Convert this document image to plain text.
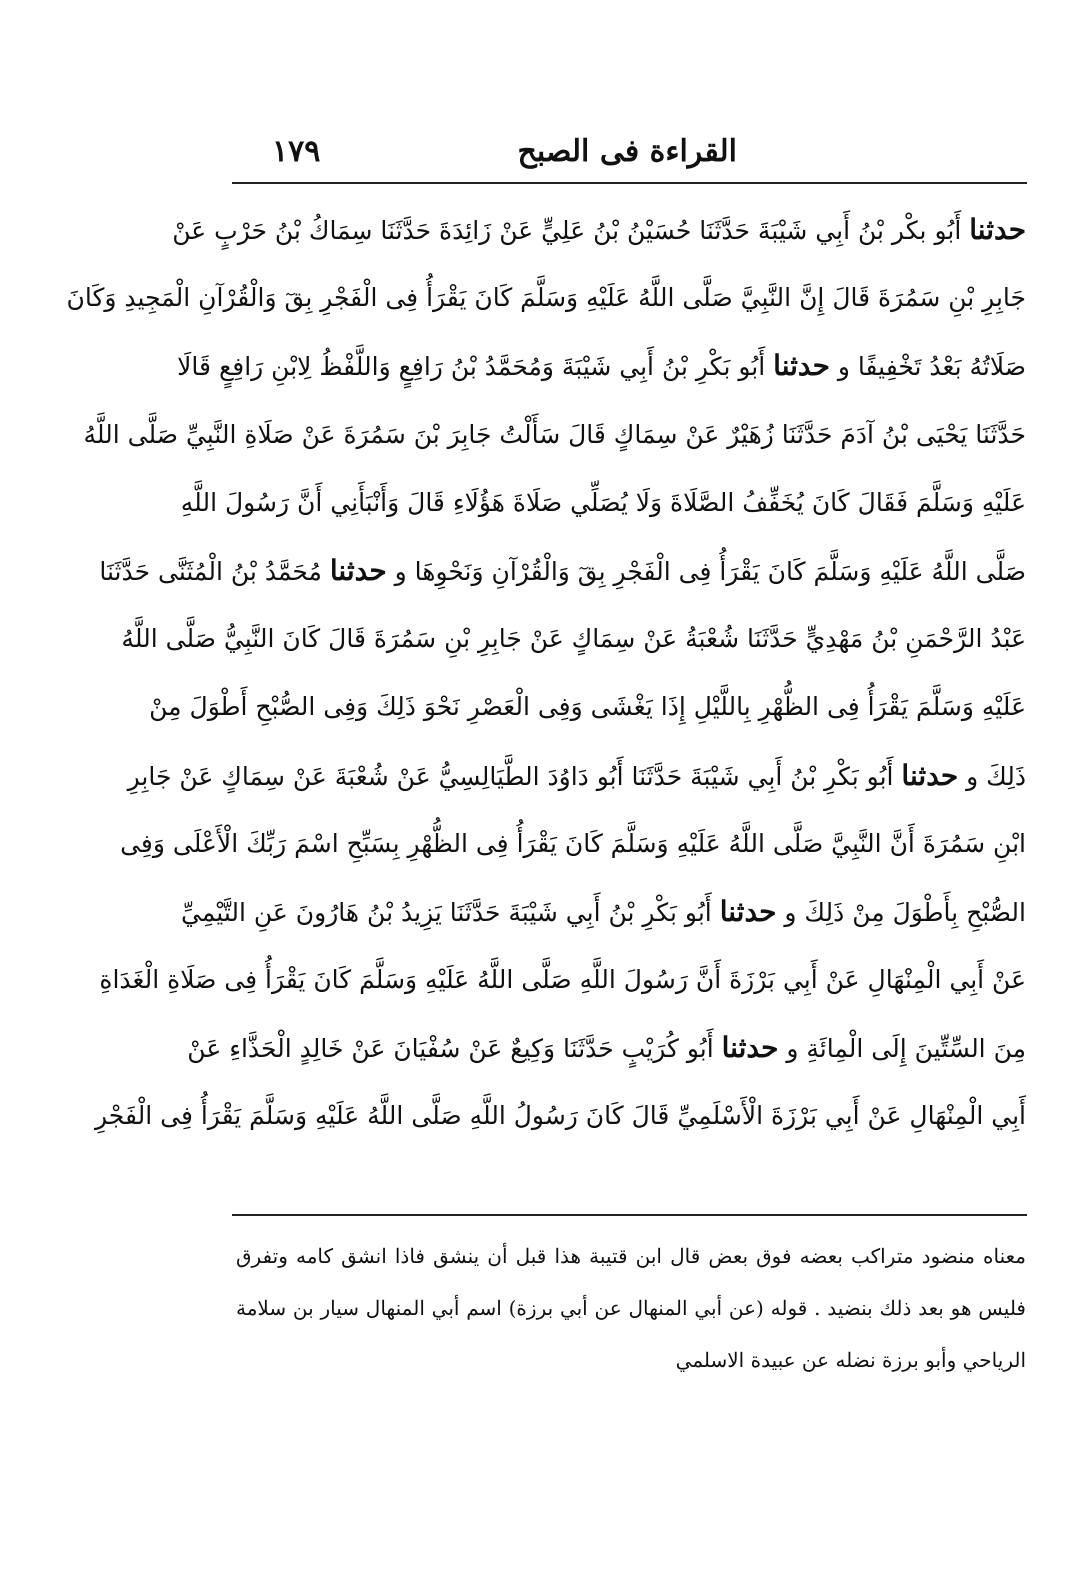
القراءة فى الصبح
١٧٩
حدثنا أَبُو بكْر بْنُ أَبِي شَيْبَةَ حَدَّثَنَا حُسَيْنُ بْنُ عَلِيٍّ عَنْ زَائِدَةَ حَدَّثَنَا سِمَاكُ بْنُ حَرْبٍ عَنْ
جَابِرِ بْنِ سَمُرَةَ قَالَ إِنَّ النَّبِيَّ صَلَّى اللَّهُ عَلَيْهِ وَسَلَّمَ كَانَ يَقْرَأُ فِى الْفَجْرِ بِقٓ وَالْقُرْآنِ الْمَجِيدِ وَكَانَ
صَلَاتُهُ بَعْدُ تَخْفِيفًا و حدثنا أَبُو بَكْرِ بْنُ أَبِي شَيْبَةَ وَمُحَمَّدُ بْنُ رَافِعٍ وَاللَّفْظُ لِابْنِ رَافِعٍ قَالَا
حَدَّثَنَا يَحْيَى بْنُ آدَمَ حَدَّثَنَا زُهَيْرٌ عَنْ سِمَاكٍ قَالَ سَأَلْتُ جَابِرَ بْنَ سَمُرَةَ عَنْ صَلَاةِ النَّبِيِّ صَلَّى اللَّهُ
عَلَيْهِ وَسَلَّمَ فَقَالَ كَانَ يُخَفِّفُ الصَّلَاةَ وَلَا يُصَلِّي صَلَاةَ هَؤُلَاءِ قَالَ وَأَنْبَأَنِي أَنَّ رَسُولَ اللَّهِ
صَلَّى اللَّهُ عَلَيْهِ وَسَلَّمَ كَانَ يَقْرَأُ فِى الْفَجْرِ بِقٓ وَالْقُرْآنِ وَنَحْوِهَا و حدثنا مُحَمَّدُ بْنُ الْمُثَنَّى حَدَّثَنَا
عَبْدُ الرَّحْمَنِ بْنُ مَهْدِيٍّ حَدَّثَنَا شُعْبَةُ عَنْ سِمَاكٍ عَنْ جَابِرِ بْنِ سَمُرَةَ قَالَ كَانَ النَّبِيُّ صَلَّى اللَّهُ
عَلَيْهِ وَسَلَّمَ يَقْرَأُ فِى الظُّهْرِ بِاللَّيْلِ إِذَا يَغْشَى وَفِى الْعَصْرِ نَحْوَ ذَلِكَ وَفِى الصُّبْحِ أَطْوَلَ مِنْ
ذَلِكَ و حدثنا أَبُو بَكْرِ بْنُ أَبِي شَيْبَةَ حَدَّثَنَا أَبُو دَاوُدَ الطَّيَالِسِيُّ عَنْ شُعْبَةَ عَنْ سِمَاكٍ عَنْ جَابِرِ
ابْنِ سَمُرَةَ أَنَّ النَّبِيَّ صَلَّى اللَّهُ عَلَيْهِ وَسَلَّمَ كَانَ يَقْرَأُ فِى الظُّهْرِ بِسَبِّحِ اسْمَ رَبِّكَ الْأَعْلَى وَفِى
الصُّبْحِ بِأَطْوَلَ مِنْ ذَلِكَ و حدثنا أَبُو بَكْرِ بْنُ أَبِي شَيْبَةَ حَدَّثَنَا يَزِيدُ بْنُ هَارُونَ عَنِ التَّيْمِيِّ
عَنْ أَبِي الْمِنْهَالِ عَنْ أَبِي بَرْزَةَ أَنَّ رَسُولَ اللَّهِ صَلَّى اللَّهُ عَلَيْهِ وَسَلَّمَ كَانَ يَقْرَأُ فِى صَلَاةِ الْغَدَاةِ
مِنَ السِّتِّينَ إِلَى الْمِائَةِ و حدثنا أَبُو كُرَيْبٍ حَدَّثَنَا وَكِيعٌ عَنْ سُفْيَانَ عَنْ خَالِدٍ الْحَذَّاءِ عَنْ
أَبِي الْمِنْهَالِ عَنْ أَبِي بَرْزَةَ الْأَسْلَمِيِّ قَالَ كَانَ رَسُولُ اللَّهِ صَلَّى اللَّهُ عَلَيْهِ وَسَلَّمَ يَقْرَأُ فِى الْفَجْرِ
معناه منضود متراكب بعضه فوق بعض قال ابن قتيبة هذا قبل أن ينشق فاذا انشق كامه وتفرق
فليس هو بعد ذلك بنضيد . قوله (عن أبي المنهال عن أبي برزة) اسم أبي المنهال سيار بن سلامة
الرياحي وأبو برزة نضله عن عبيدة الاسلمي
